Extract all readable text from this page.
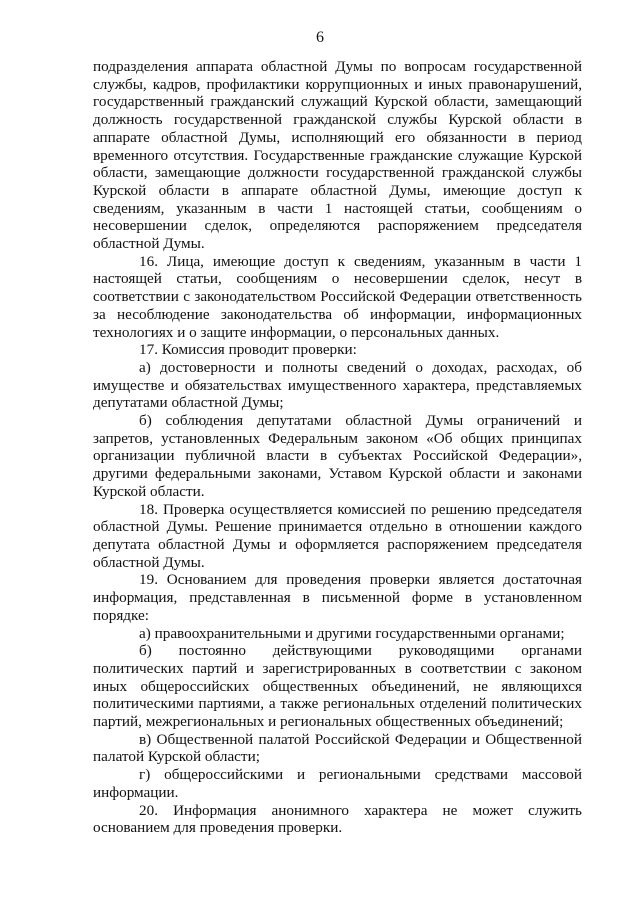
6

подразделения аппарата областной Думы по вопросам государственной службы, кадров, профилактики коррупционных и иных правонарушений, государственный гражданский служащий Курской области, замещающий должность государственной гражданской службы Курской области в аппарате областной Думы, исполняющий его обязанности в период временного отсутствия. Государственные гражданские служащие Курской области, замещающие должности государственной гражданской службы Курской области в аппарате областной Думы, имеющие доступ к сведениям, указанным в части 1 настоящей статьи, сообщениям о несовершении сделок, определяются распоряжением председателя областной Думы.

16. Лица, имеющие доступ к сведениям, указанным в части 1 настоящей статьи, сообщениям о несовершении сделок, несут в соответствии с законодательством Российской Федерации ответственность за несоблюдение законодательства об информации, информационных технологиях и о защите информации, о персональных данных.

17. Комиссия проводит проверки:

а) достоверности и полноты сведений о доходах, расходах, об имуществе и обязательствах имущественного характера, представляемых депутатами областной Думы;

б) соблюдения депутатами областной Думы ограничений и запретов, установленных Федеральным законом «Об общих принципах организации публичной власти в субъектах Российской Федерации», другими федеральными законами, Уставом Курской области и законами Курской области.

18. Проверка осуществляется комиссией по решению председателя областной Думы. Решение принимается отдельно в отношении каждого депутата областной Думы и оформляется распоряжением председателя областной Думы.

19. Основанием для проведения проверки является достаточная информация, представленная в письменной форме в установленном порядке:

а) правоохранительными и другими государственными органами;

б) постоянно действующими руководящими органами политических партий и зарегистрированных в соответствии с законом иных общероссийских общественных объединений, не являющихся политическими партиями, а также региональных отделений политических партий, межрегиональных и региональных общественных объединений;

в) Общественной палатой Российской Федерации и Общественной палатой Курской области;

г) общероссийскими и региональными средствами массовой информации.

20. Информация анонимного характера не может служить основанием для проведения проверки.
